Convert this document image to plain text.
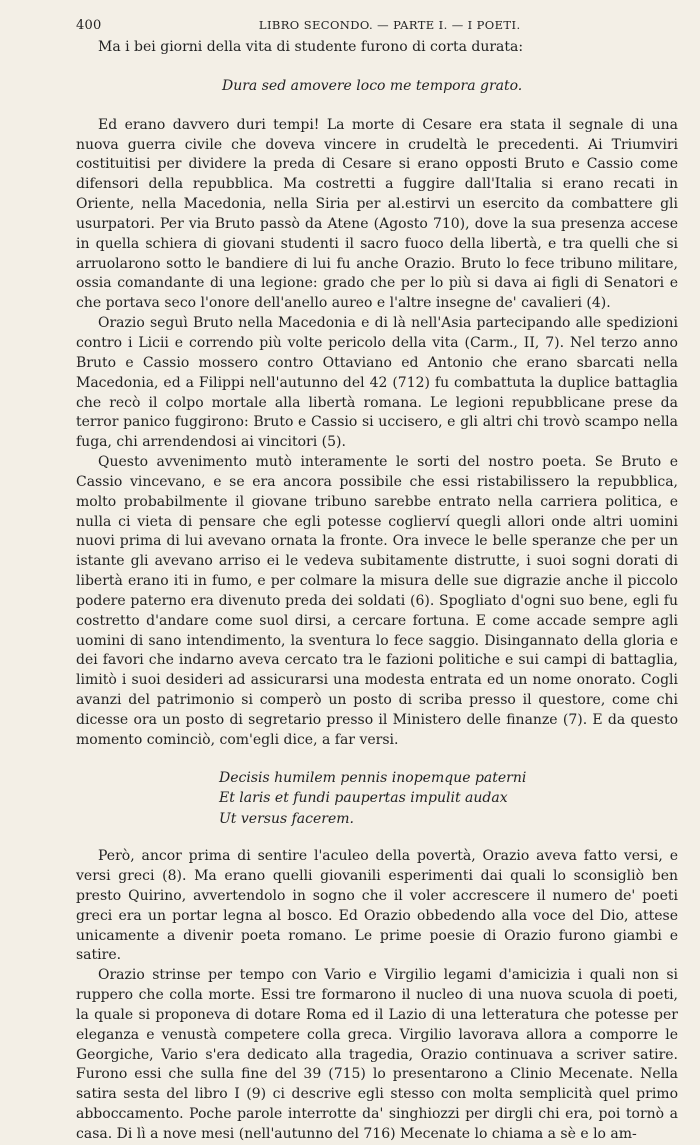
400	LIBRO SECONDO. — PARTE I. — I POETI.

Ma i bei giorni della vita di studente furono di corta durata:

Dura sed amovere loco me tempora grato.

Ed erano davvero duri tempi! La morte di Cesare era stata il segnale di una nuova guerra civile che doveva vincere in crudeltà le precedenti. Ai Triumviri costituitisi per dividere la preda di Cesare si erano opposti Bruto e Cassio come difensori della repubblica. Ma costretti a fuggire dall'Italia si erano recati in Oriente, nella Macedonia, nella Siria per al.estirvi un esercito da combattere gli usurpatori. Per via Bruto passò da Atene (Agosto 710), dove la sua presenza accese in quella schiera di giovani studenti il sacro fuoco della libertà, e tra quelli che si arruolarono sotto le bandiere di lui fu anche Orazio. Bruto lo fece tribuno militare, ossia comandante di una legione: grado che per lo più si dava ai figli di Senatori e che portava seco l'onore dell'anello aureo e l'altre insegne de' cavalieri (4).

Orazio seguì Bruto nella Macedonia e di là nell'Asia partecipando alle spedizioni contro i Licii e correndo più volte pericolo della vita (Carm., II, 7). Nel terzo anno Bruto e Cassio mossero contro Ottaviano ed Antonio che erano sbarcati nella Macedonia, ed a Filippi nell'autunno del 42 (712) fu combattuta la duplice battaglia che recò il colpo mortale alla libertà romana. Le legioni repubblicane prese da terror panico fuggirono: Bruto e Cassio si uccisero, e gli altri chi trovò scampo nella fuga, chi arrendendosi ai vincitori (5).

Questo avvenimento mutò interamente le sorti del nostro poeta. Se Bruto e Cassio vincevano, e se era ancora possibile che essi ristabilissero la repubblica, molto probabilmente il giovane tribuno sarebbe entrato nella carriera politica, e nulla ci vieta di pensare che egli potesse coglierví quegli allori onde altri uomini nuovi prima di lui avevano ornata la fronte. Ora invece le belle speranze che per un istante gli avevano arriso ei le vedeva subitamente distrutte, i suoi sogni dorati di libertà erano iti in fumo, e per colmare la misura delle sue digrazie anche il piccolo podere paterno era divenuto preda dei soldati (6). Spogliato d'ogni suo bene, egli fu costretto d'andare come suol dirsi, a cercare fortuna. E come accade sempre agli uomini di sano intendimento, la sventura lo fece saggio. Disingannato della gloria e dei favori che indarno aveva cercato tra le fazioni politiche e sui campi di battaglia, limitò i suoi desideri ad assicurarsi una modesta entrata ed un nome onorato. Cogli avanzi del patrimonio si comperò un posto di scriba presso il questore, come chi dicesse ora un posto di segretario presso il Ministero delle finanze (7). E da questo momento cominciò, com'egli dice, a far versi.

Decisis humilem pennis inopemque paterni
Et laris et fundi paupertas impulit audax
Ut versus facerem.

Però, ancor prima di sentire l'aculeo della povertà, Orazio aveva fatto versi, e versi greci (8). Ma erano quelli giovanili esperimenti dai quali lo sconsigliò ben presto Quirino, avvertendolo in sogno che il voler accrescere il numero de' poeti greci era un portar legna al bosco. Ed Orazio obbedendo alla voce del Dio, attese unicamente a divenir poeta romano. Le prime poesie di Orazio furono giambi e satire.

Orazio strinse per tempo con Vario e Virgilio legami d'amicizia i quali non si ruppero che colla morte. Essi tre formarono il nucleo di una nuova scuola di poeti, la quale si proponeva di dotare Roma ed il Lazio di una letteratura che potesse per eleganza e venustà competere colla greca. Virgilio lavorava allora a comporre le Georgiche, Vario s'era dedicato alla tragedia, Orazio continuava a scriver satire. Furono essi che sulla fine del 39 (715) lo presentarono a Clinio Mecenate. Nella satira sesta del libro I (9) ci descrive egli stesso con molta semplicità quel primo abboccamento. Poche parole interrotte da' singhiozzi per dirgli chi era, poi tornò a casa. Di lì a nove mesi (nell'autunno del 716) Mecenate lo chiama a sè e lo am-
